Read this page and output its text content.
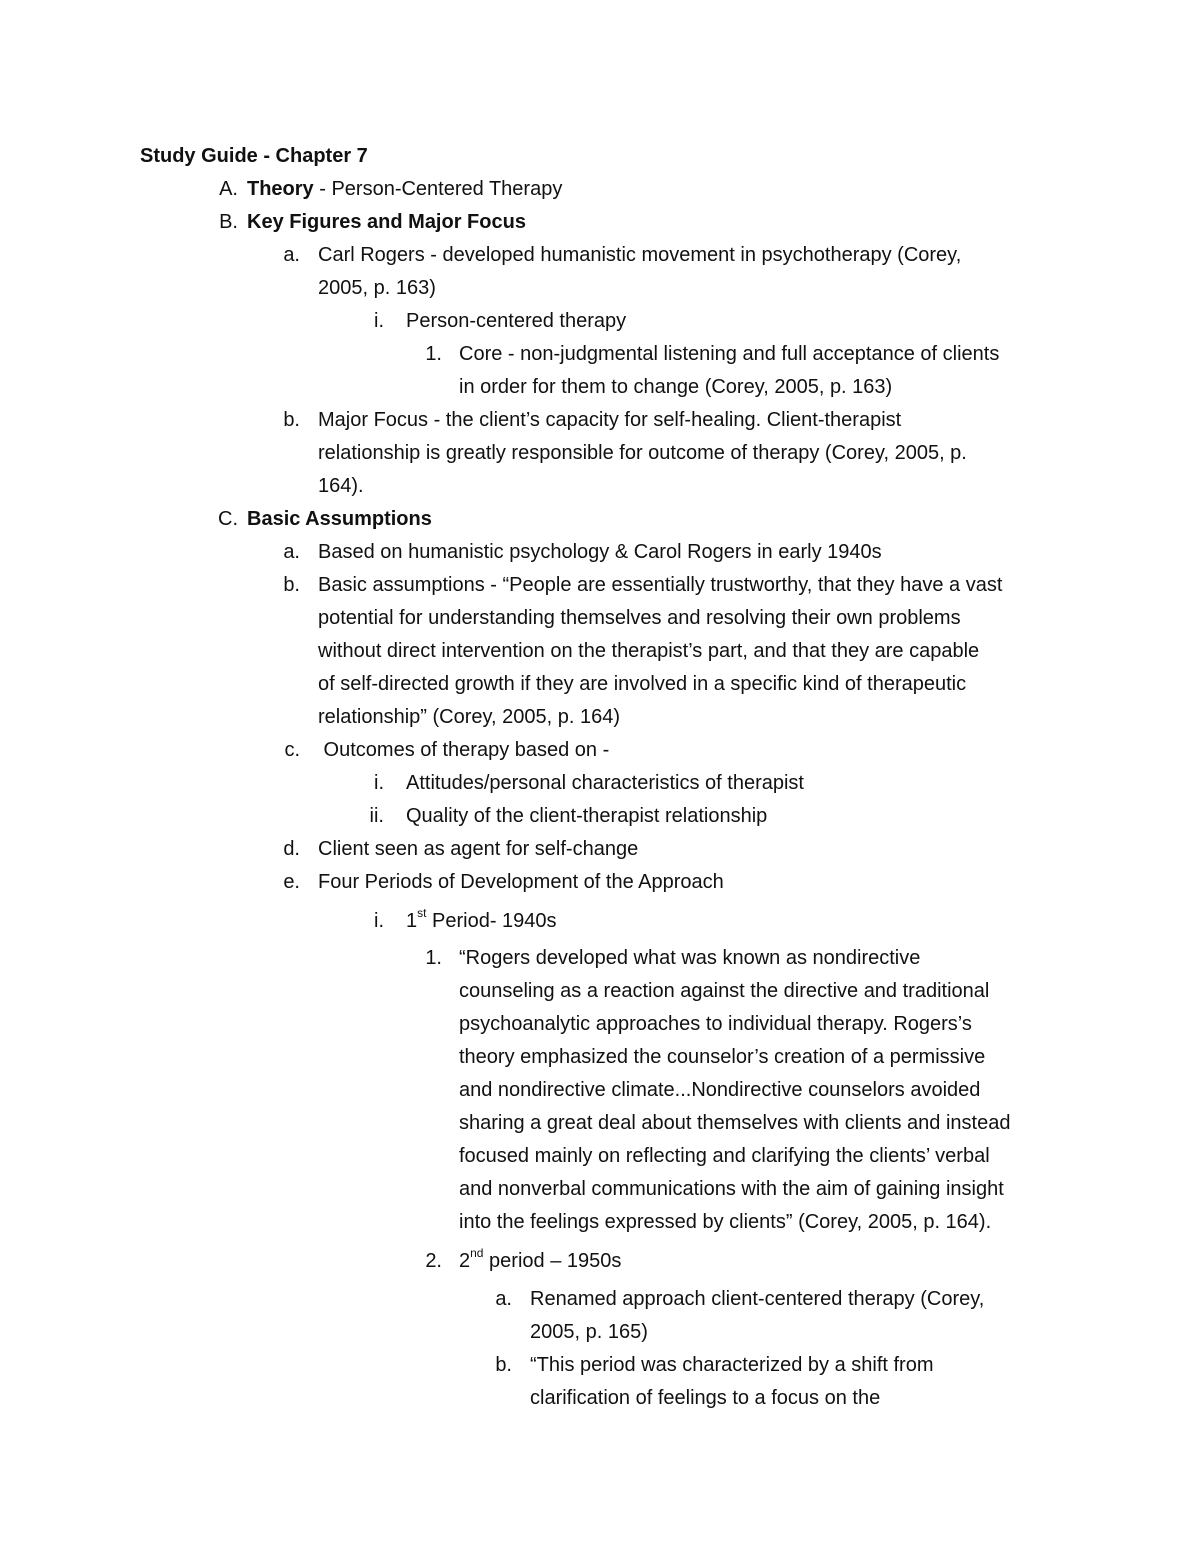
Study Guide - Chapter 7
A. Theory - Person-Centered Therapy
B. Key Figures and Major Focus
a. Carl Rogers - developed humanistic movement in psychotherapy (Corey,
2005, p. 163)
i. Person-centered therapy
1. Core - non-judgmental listening and full acceptance of clients
in order for them to change (Corey, 2005, p. 163)
b. Major Focus - the client’s capacity for self-healing. Client-therapist
relationship is greatly responsible for outcome of therapy (Corey, 2005, p.
164).
C. Basic Assumptions
a. Based on humanistic psychology & Carol Rogers in early 1940s
b. Basic assumptions - “People are essentially trustworthy, that they have a vast
potential for understanding themselves and resolving their own problems
without direct intervention on the therapist’s part, and that they are capable
of self-directed growth if they are involved in a specific kind of therapeutic
relationship” (Corey, 2005, p. 164)
c. Outcomes of therapy based on -
i. Attitudes/personal characteristics of therapist
ii. Quality of the client-therapist relationship
d. Client seen as agent for self-change
e. Four Periods of Development of the Approach
i. 1st Period- 1940s
1. “Rogers developed what was known as nondirective
counseling as a reaction against the directive and traditional
psychoanalytic approaches to individual therapy. Rogers’s
theory emphasized the counselor’s creation of a permissive
and nondirective climate...Nondirective counselors avoided
sharing a great deal about themselves with clients and instead
focused mainly on reflecting and clarifying the clients’ verbal
and nonverbal communications with the aim of gaining insight
into the feelings expressed by clients” (Corey, 2005, p. 164).
2. 2nd period – 1950s
a. Renamed approach client-centered therapy (Corey,
2005, p. 165)
b. “This period was characterized by a shift from
clarification of feelings to a focus on the
